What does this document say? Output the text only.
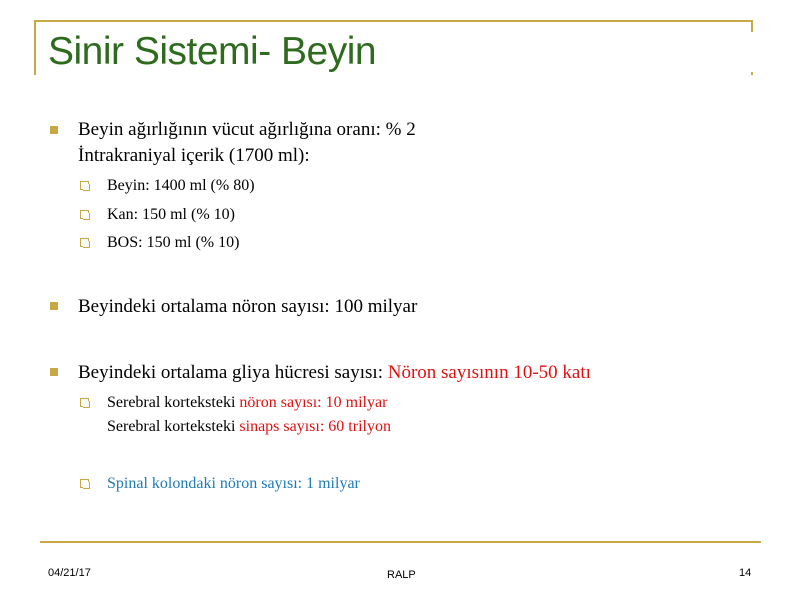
Sinir Sistemi- Beyin
Beyin ağırlığının vücut ağırlığına oranı: % 2
İntrakraniyal içerik (1700 ml):
Beyin: 1400 ml (% 80)
Kan: 150 ml (% 10)
BOS: 150 ml (% 10)
Beyindeki ortalama nöron sayısı: 100 milyar
Beyindeki ortalama gliya hücresi sayısı: Nöron sayısının 10-50 katı
Serebral korteksteki nöron sayısı: 10 milyar
Serebral korteksteki sinaps sayısı: 60 trilyon
Spinal kolondaki nöron sayısı: 1 milyar
04/21/17	RALP	14
